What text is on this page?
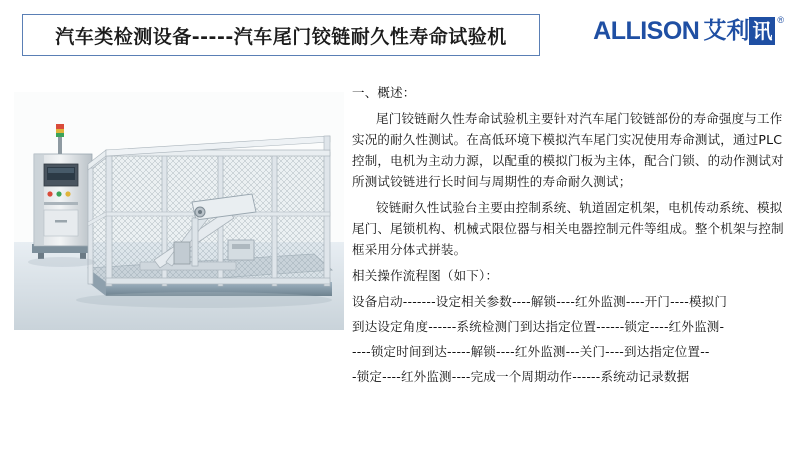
汽车类检测设备-----汽车尾门铰链耐久性寿命试验机	ALLISON 艾利 讯 ®

一、概述：

尾门铰链耐久性寿命试验机主要针对汽车尾门铰链部份的寿命强度与工作实况的耐久性测试。在高低环境下模拟汽车尾门实况使用寿命测试，通过PLC控制，电机为主动力源，以配重的模拟门板为主体，配合门锁、的动作测试对所测试铰链进行长时间与周期性的寿命耐久测试；

铰链耐久性试验台主要由控制系统、轨道固定机架，电机传动系统、模拟尾门、尾锁机构、机械式限位器与相关电器控制元件等组成。整个机架与控制框采用分体式拼装。

相关操作流程图（如下）：

设备启动-------设定相关参数----解锁----红外监测----开门----模拟门

到达设定角度------系统检测门到达指定位置------锁定----红外监测-

----锁定时间到达-----解锁----红外监测---关门----到达指定位置--

-锁定----红外监测----完成一个周期动作------系统动记录数据
